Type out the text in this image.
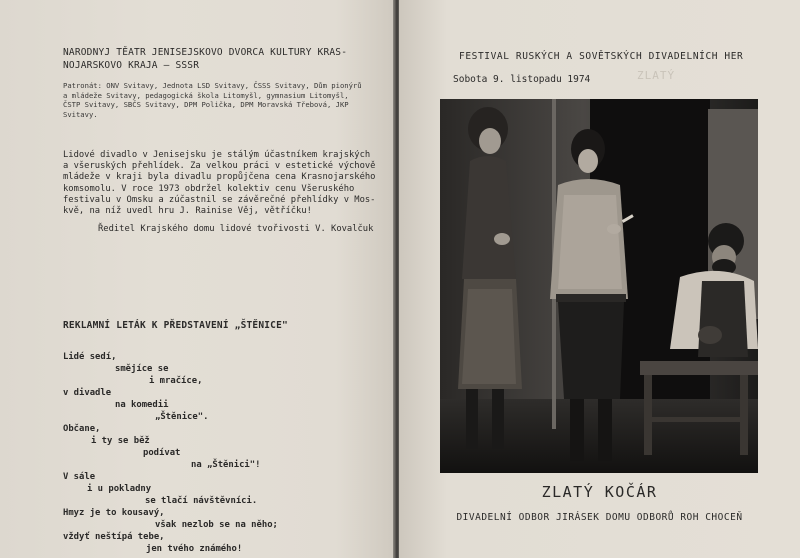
NARODNYJ TĚATR JENISEJSKOVO DVORCA KULTURY KRAS-
NOJARSKOVO KRAJA — SSSR
Patronát: ONV Svitavy, Jednota LSD Svitavy, ČSSS Svitavy, Dům pionýrů
a mládeže Svitavy, pedagogická škola Litomyšl, gymnasium Litomyšl,
ČSTP Svitavy, SBČS Svitavy, DPM Polička, DPM Moravská Třebová, JKP
Svitavy.
Lidové divadlo v Jenisejsku je stálým účastníkem krajských
a všeruských přehlídek. Za velkou práci v estetické výchově
mládeže v kraji byla divadlu propůjčena cena Krasnojarského
komsomolu. V roce 1973 obdržel kolektiv cenu Všeruského
festivalu v Omsku a zúčastnil se závěrečné přehlídky v Mos-
kvě, na níž uvedl hru J. Rainise Věj, větříčku!
Ředitel Krajského domu lidové tvořivosti V. Kovalčuk
REKLAMNÍ LETÁK K PŘEDSTAVENÍ „ŠTĚNICE"
Lidé sedí,
smějíce se
i mračíce,
v divadle
na komedii
„Štěnice".
Občane,
i ty se běž
podívat
na „Štěnici"!
V sále
i u pokladny
se tlačí návštěvníci.
Hmyz je to kousavý,
však nezlob se na něho;
vždyť neštípá tebe,
jen tvého známého!
FESTIVAL RUSKÝCH A SOVĚTSKÝCH DIVADELNÍCH HER
Sobota 9. listopadu 1974	ZLATÝ
ZLATÝ KOČÁR
DIVADELNÍ ODBOR JIRÁSEK DOMU ODBORŮ ROH CHOCEŇ
